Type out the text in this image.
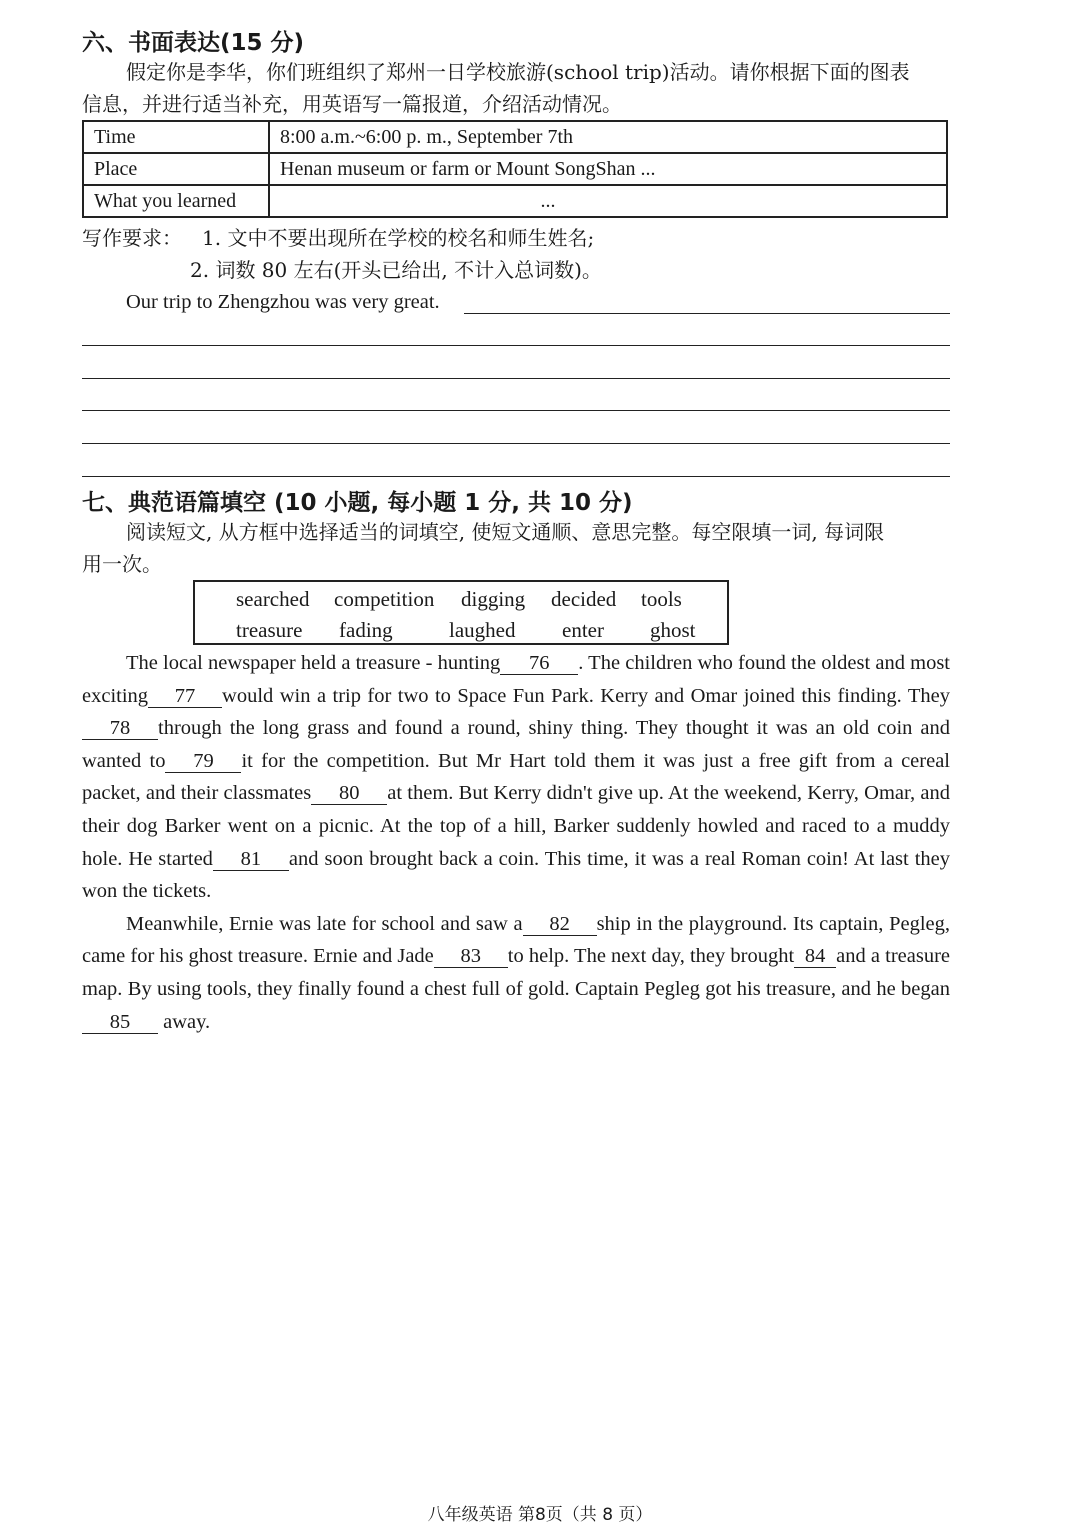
六、书面表达(15 分)
假定你是李华，你们班组织了郑州一日学校旅游(school trip)活动。请你根据下面的图表
信息，并进行适当补充，用英语写一篇报道，介绍活动情况。
Time	8:00 a.m.~6:00 p. m., September 7th
Place	Henan museum or farm or Mount SongShan ...
What you learned	...
写作要求： 1. 文中不要出现所在学校的校名和师生姓名;
2. 词数 80 左右(开头已给出, 不计入总词数)。
Our trip to Zhengzhou was very great.
七、典范语篇填空 (10 小题, 每小题 1 分, 共 10 分)
阅读短文, 从方框中选择适当的词填空, 使短文通顺、意思完整。每空限填一词, 每词限
用一次。
searched competition digging decided tools
treasure fading	laughed enter ghost

The local newspaper held a treasure - hunting 76 . The children who found the oldest and most exciting 77 would win a trip for two to Space Fun Park. Kerry and Omar joined this finding. They78 through the long grass and found a round, shiny thing. They thought it was an old coin and wanted to 79 it for the competition. But Mr Hart told them it was just a free gift from a cereal packet, and their classmates 80 at them. But Kerry didn't give up. At the weekend, Kerry, Omar, and their dog Barker went on a picnic. At the top of a hill, Barker suddenly howled and raced to a muddy hole. He started 81 and soon brought back a coin. This time, it was a real Roman coin! At last they won the tickets.

Meanwhile, Ernie was late for school and saw a 82 ship in the playground. Its captain, Pegleg, came for his ghost treasure. Ernie and Jade 83 to help. The next day, they brought 84 and a treasure map. By using tools, they finally found a chest full of gold. Captain Pegleg got his treasure, and he began85 away.

八年级英语 第8页（共 8 页）
